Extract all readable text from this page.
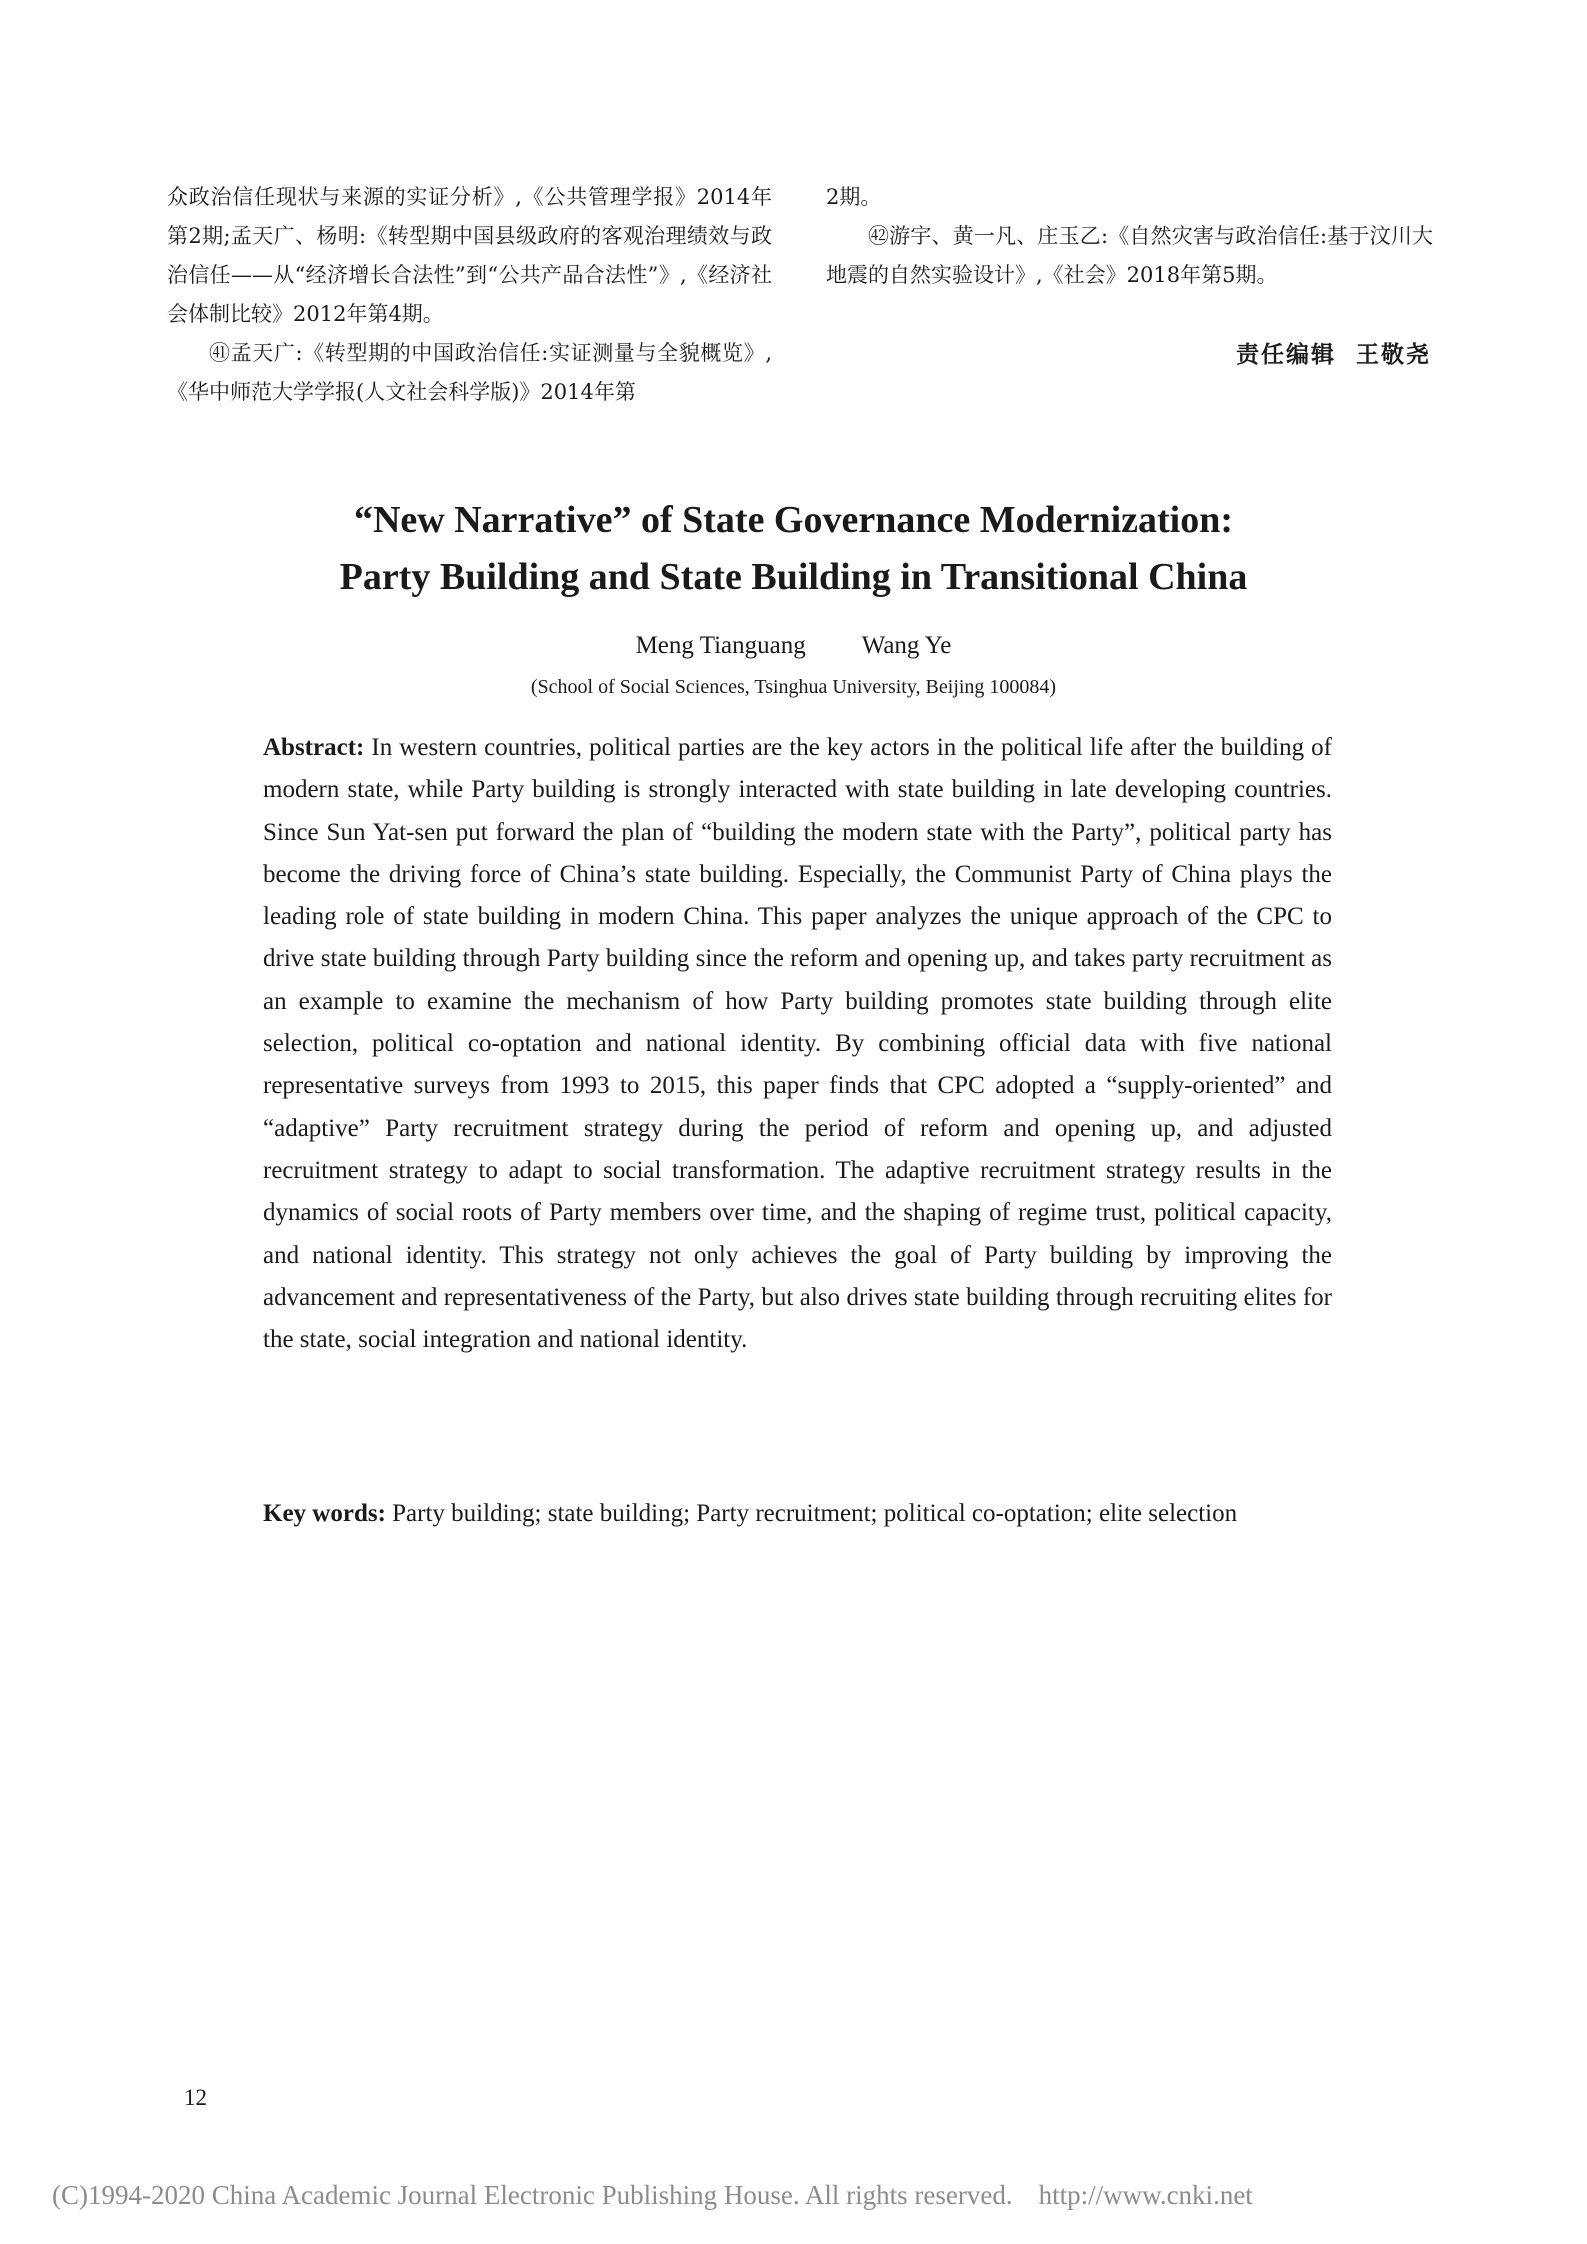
众政治信任现状与来源的实证分析》,《公共管理学报》2014年第2期;孟天广、杨明:《转型期中国县级政府的客观治理绩效与政治信任——从“经济增长合法性”到“公共产品合法性”》,《经济社会体制比较》2012年第4期。

㊶孟天广:《转型期的中国政治信任:实证测量与全貌概览》,《华中师范大学学报(人文社会科学版)》2014年第

2期。

㊷游宇、黄一凡、庄玉乙:《自然灾害与政治信任:基于汶川大地震的自然实验设计》,《社会》2018年第5期。

责任编辑 王敬尧
“New Narrative” of State Governance Modernization:
Party Building and State Building in Transitional China
Meng Tianguang Wang Ye
(School of Social Sciences, Tsinghua University, Beijing 100084)

Abstract: In western countries, political parties are the key actors in the political life after the building of modern state, while Party building is strongly interacted with state building in late developing countries. Since Sun Yat-sen put forward the plan of “building the modern state with the Party”, political party has become the driving force of China’s state building. Especially, the Communist Party of China plays the leading role of state building in modern China. This paper analyzes the unique approach of the CPC to drive state building through Party building since the reform and opening up, and takes party recruitment as an example to examine the mechanism of how Party building promotes state building through elite selection, political co-optation and national identity. By combining official data with five national representative surveys from 1993 to 2015, this paper finds that CPC adopted a “supply-oriented” and “adaptive” Party recruitment strategy during the period of reform and opening up, and adjusted recruitment strategy to adapt to social transformation. The adaptive recruitment strategy results in the dynamics of social roots of Party members over time, and the shaping of regime trust, political capacity, and national identity. This strategy not only achieves the goal of Party building by improving the advancement and representativeness of the Party, but also drives state building through recruiting elites for the state, social integration and national identity.

Key words: Party building; state building; Party recruitment; political co-optation; elite selection

12
(C)1994-2020 China Academic Journal Electronic Publishing House. All rights reserved. http://www.cnki.net
